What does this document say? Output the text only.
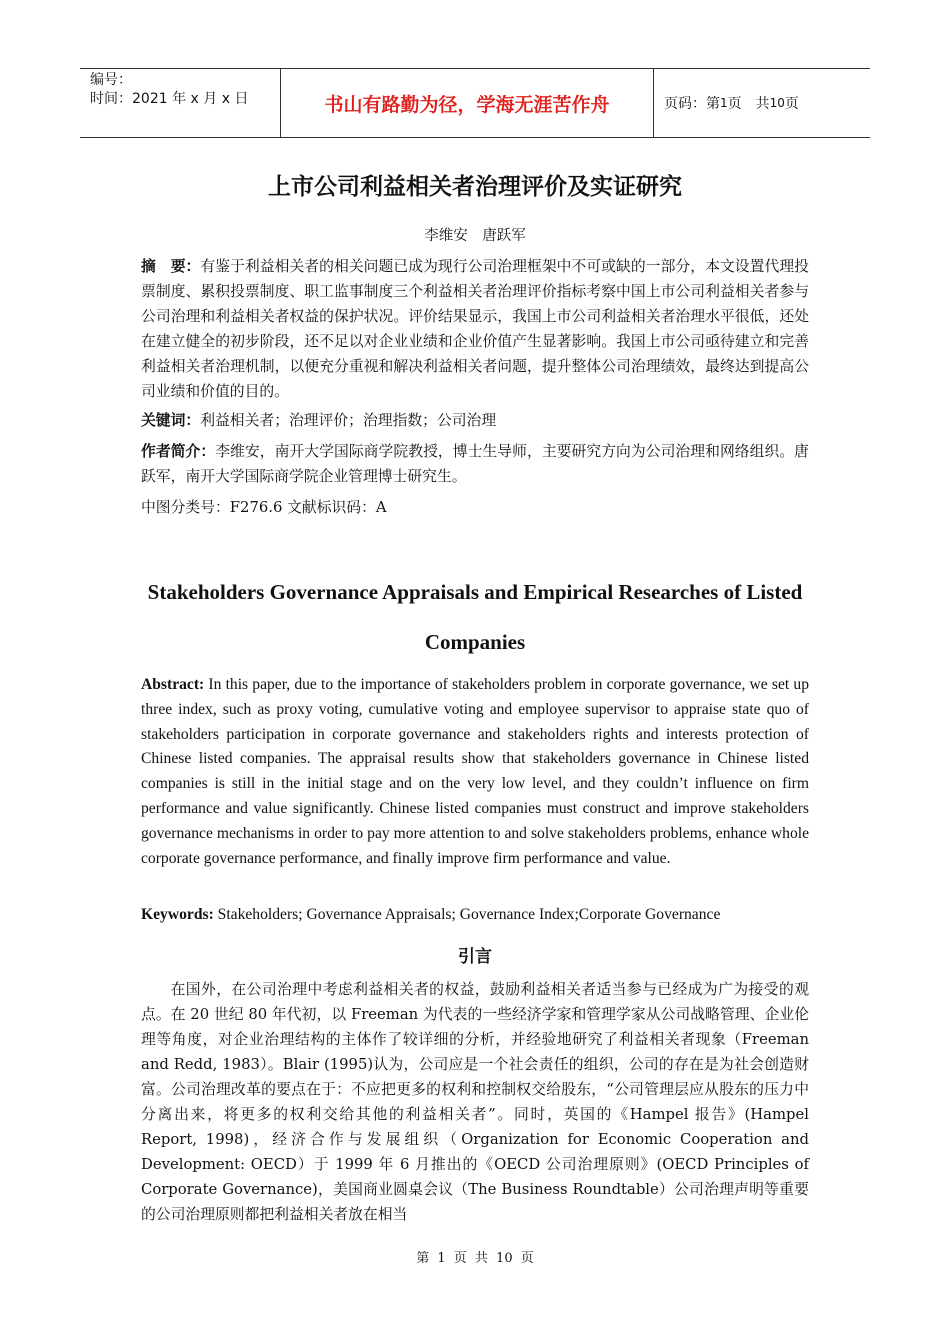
编号：
时间：2021 年 x 月 x 日	书山有路勤为径，学海无涯苦作舟	页码：第 1 页　共 10 页
上市公司利益相关者治理评价及实证研究
李维安　唐跃军
摘　要：有鉴于利益相关者的相关问题已成为现行公司治理框架中不可或缺的一部分，本文设置代理投票制度、累积投票制度、职工监事制度三个利益相关者治理评价指标考察中国上市公司利益相关者参与公司治理和利益相关者权益的保护状况。评价结果显示，我国上市公司利益相关者治理水平很低，还处在建立健全的初步阶段，还不足以对企业业绩和企业价值产生显著影响。我国上市公司亟待建立和完善利益相关者治理机制，以便充分重视和解决利益相关者问题，提升整体公司治理绩效，最终达到提高公司业绩和价值的目的。
关键词：利益相关者；治理评价；治理指数；公司治理
作者简介：李维安，南开大学国际商学院教授，博士生导师，主要研究方向为公司治理和网络组织。唐跃军，南开大学国际商学院企业管理博士研究生。
中图分类号：F276.6 文献标识码：A
Stakeholders Governance Appraisals and Empirical Researches of Listed
Companies
Abstract: In this paper, due to the importance of stakeholders problem in corporate governance, we set up three index, such as proxy voting, cumulative voting and employee supervisor to appraise state quo of stakeholders participation in corporate governance and stakeholders rights and interests protection of Chinese listed companies. The appraisal results show that stakeholders governance in Chinese listed companies is still in the initial stage and on the very low level, and they couldn’t influence on firm performance and value significantly. Chinese listed companies must construct and improve stakeholders governance mechanisms in order to pay more attention to and solve stakeholders problems, enhance whole corporate governance performance, and finally improve firm performance and value.
Keywords: Stakeholders; Governance Appraisals; Governance Index;Corporate Governance
引言
在国外，在公司治理中考虑利益相关者的权益，鼓励利益相关者适当参与已经成为广为接受的观点。在 20 世纪 80 年代初，以 Freeman 为代表的一些经济学家和管理学家从公司战略管理、企业伦理等角度，对企业治理结构的主体作了较详细的分析，并经验地研究了利益相关者现象（Freeman and Redd, 1983）。Blair (1995)认为，公司应是一个社会责任的组织，公司的存在是为社会创造财富。公司治理改革的要点在于：不应把更多的权利和控制权交给股东，“公司管理层应从股东的压力中分离出来，将更多的权利交给其他的利益相关者”。同时，英国的《Hampel 报告》(Hampel Report, 1998)，经济合作与发展组织（Organization for Economic Cooperation and Development: OECD）于 1999 年 6 月推出的《OECD 公司治理原则》(OECD Principles of Corporate Governance)，美国商业圆桌会议（The Business Roundtable）公司治理声明等重要的公司治理原则都把利益相关者放在相当
第 1 页 共 10 页
